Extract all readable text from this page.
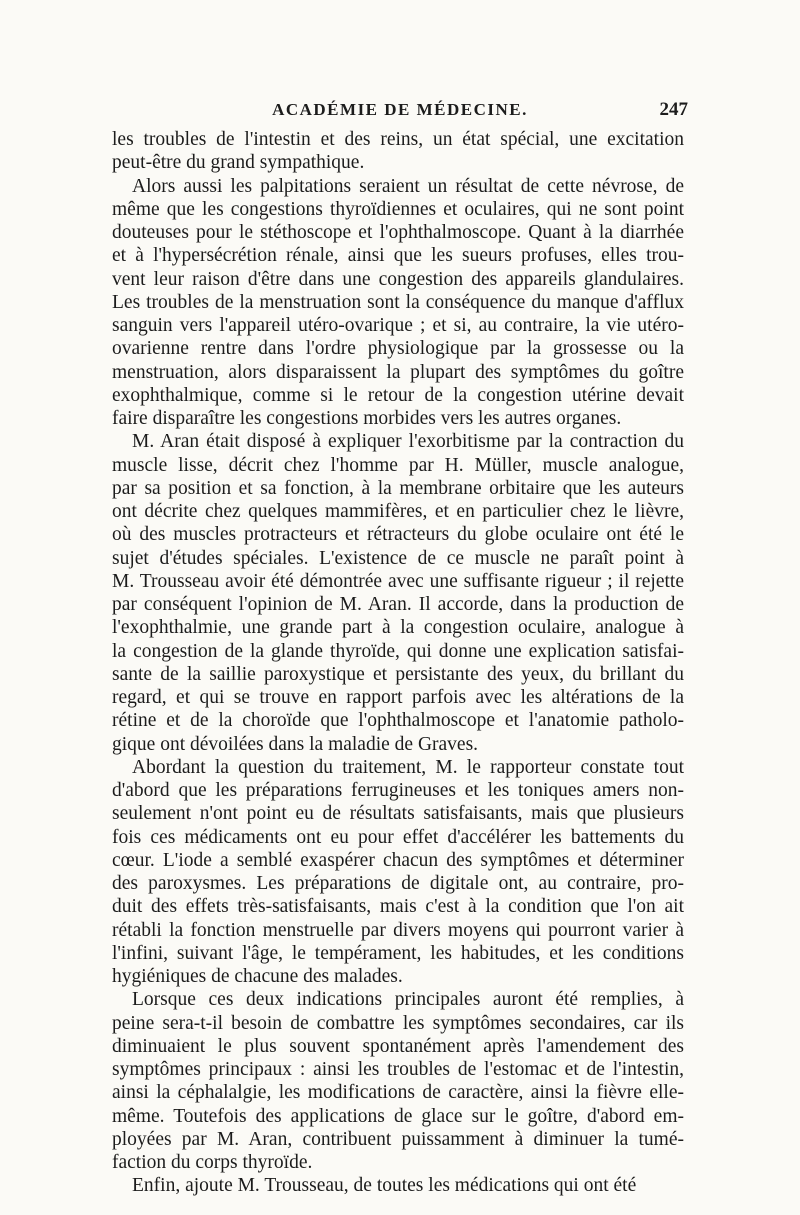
ACADÉMIE DE MÉDECINE.	247
les troubles de l'intestin et des reins, un état spécial, une excitation
peut-être du grand sympathique.
Alors aussi les palpitations seraient un résultat de cette névrose, de
même que les congestions thyroïdiennes et oculaires, qui ne sont point
douteuses pour le stéthoscope et l'ophthalmoscope. Quant à la diarrhée
et à l'hypersécrétion rénale, ainsi que les sueurs profuses, elles trou-
vent leur raison d'être dans une congestion des appareils glandulaires.
Les troubles de la menstruation sont la conséquence du manque d'afflux
sanguin vers l'appareil utéro-ovarique ; et si, au contraire, la vie utéro-
ovarienne rentre dans l'ordre physiologique par la grossesse ou la
menstruation, alors disparaissent la plupart des symptômes du goître
exophthalmique, comme si le retour de la congestion utérine devait
faire disparaître les congestions morbides vers les autres organes.
M. Aran était disposé à expliquer l'exorbitisme par la contraction du
muscle lisse, décrit chez l'homme par H. Müller, muscle analogue,
par sa position et sa fonction, à la membrane orbitaire que les auteurs
ont décrite chez quelques mammifères, et en particulier chez le lièvre,
où des muscles protracteurs et rétracteurs du globe oculaire ont été le
sujet d'études spéciales. L'existence de ce muscle ne paraît point à
M. Trousseau avoir été démontrée avec une suffisante rigueur ; il rejette
par conséquent l'opinion de M. Aran. Il accorde, dans la production de
l'exophthalmie, une grande part à la congestion oculaire, analogue à
la congestion de la glande thyroïde, qui donne une explication satisfai-
sante de la saillie paroxystique et persistante des yeux, du brillant du
regard, et qui se trouve en rapport parfois avec les altérations de la
rétine et de la choroïde que l'ophthalmoscope et l'anatomie patholo-
gique ont dévoilées dans la maladie de Graves.
Abordant la question du traitement, M. le rapporteur constate tout
d'abord que les préparations ferrugineuses et les toniques amers non-
seulement n'ont point eu de résultats satisfaisants, mais que plusieurs
fois ces médicaments ont eu pour effet d'accélérer les battements du
cœur. L'iode a semblé exaspérer chacun des symptômes et déterminer
des paroxysmes. Les préparations de digitale ont, au contraire, pro-
duit des effets très-satisfaisants, mais c'est à la condition que l'on ait
rétabli la fonction menstruelle par divers moyens qui pourront varier à
l'infini, suivant l'âge, le tempérament, les habitudes, et les conditions
hygiéniques de chacune des malades.
Lorsque ces deux indications principales auront été remplies, à
peine sera-t-il besoin de combattre les symptômes secondaires, car ils
diminuaient le plus souvent spontanément après l'amendement des
symptômes principaux : ainsi les troubles de l'estomac et de l'intestin,
ainsi la céphalalgie, les modifications de caractère, ainsi la fièvre elle-
même. Toutefois des applications de glace sur le goître, d'abord em-
ployées par M. Aran, contribuent puissamment à diminuer la tumé-
faction du corps thyroïde.
Enfin, ajoute M. Trousseau, de toutes les médications qui ont été
